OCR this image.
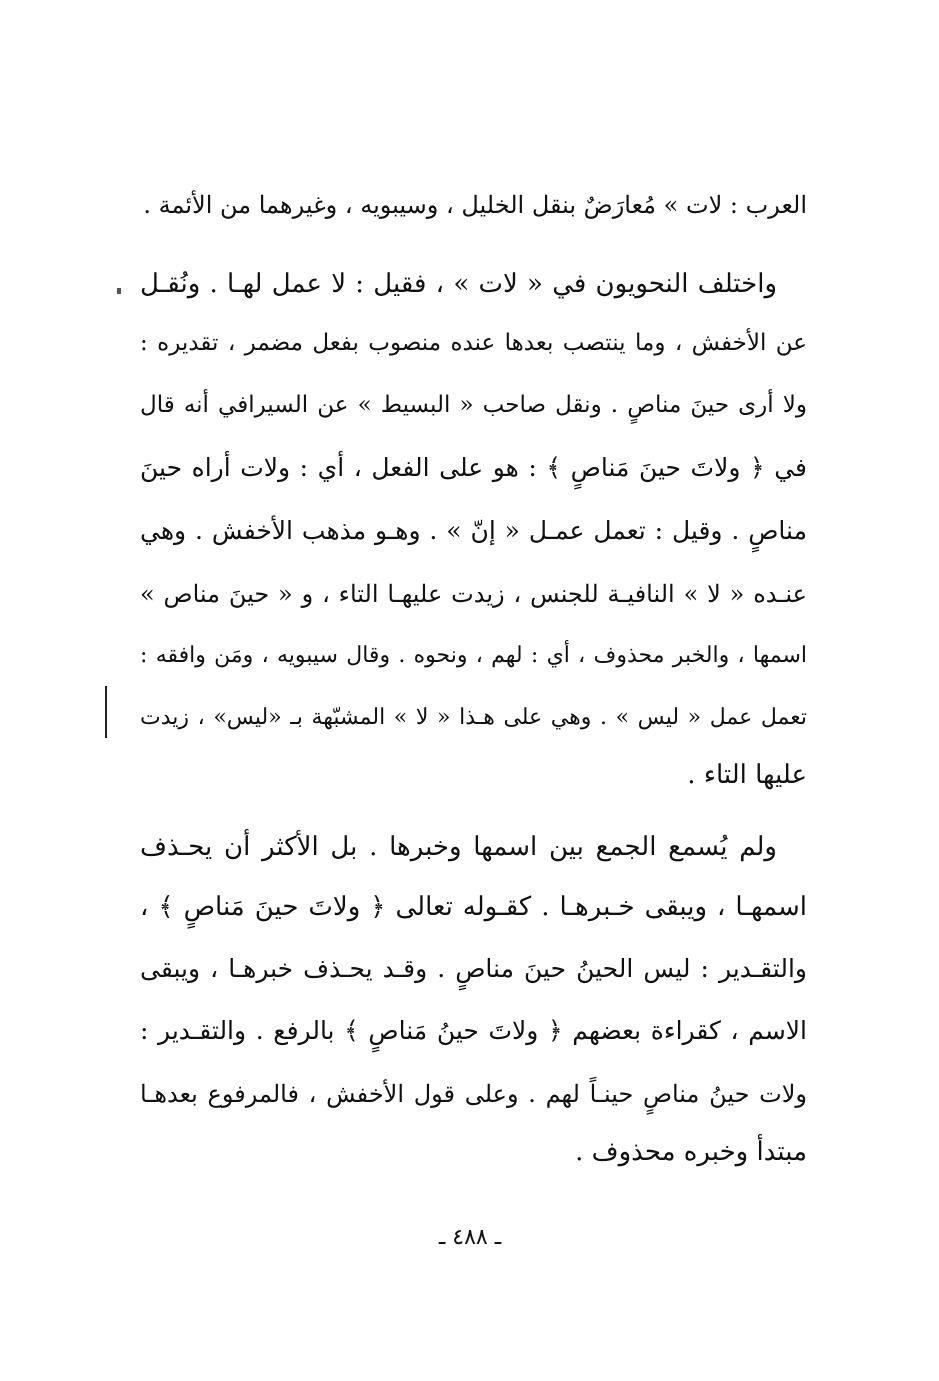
العرب : لات » مُعارَضٌ بنقل الخليل ، وسيبويه ، وغيرهما من الأئمة .
واختلف النحويون في « لات » ، فقيل : لا عمل لهـا . ونُقـل
عن الأخفش ، وما ينتصب بعدها عنده منصوب بفعل مضمر ، تقديره :
ولا أرى حينَ مناصٍ . ونقل صاحب « البسيط » عن السيرافي أنه قال
في ﴿ ولاتَ حينَ مَناصٍ ﴾ : هو على الفعل ، أي : ولات أراه حينَ
مناصٍ . وقيل : تعمل عمـل « إنّ » . وهـو مذهب الأخفش . وهي
عنـده « لا » النافيـة للجنس ، زيدت عليهـا التاء ، و « حينَ مناص »
اسمها ، والخبر محذوف ، أي : لهم ، ونحوه . وقال سيبويه ، ومَن وافقه :
تعمل عمل « ليس » . وهي على هـذا « لا » المشبّهة بـ «ليس» ، زيدت
عليها التاء .
ولم يُسمع الجمع بين اسمها وخبرها . بل الأكثر أن يحـذف
اسمهـا ، ويبقى خـبرهـا . كقـوله تعالى ﴿ ولاتَ حينَ مَناصٍ ﴾ ،
والتقـدير : ليس الحينُ حينَ مناصٍ . وقـد يحـذف خبرهـا ، ويبقى
الاسم ، كقراءة بعضهم ﴿ ولاتَ حينُ مَناصٍ ﴾ بالرفع . والتقـدير :
ولات حينُ مناصٍ حينـاً لهم . وعلى قول الأخفش ، فالمرفوع بعدهـا
مبتدأ وخبره محذوف .
ـ ٤٨٨ ـ
